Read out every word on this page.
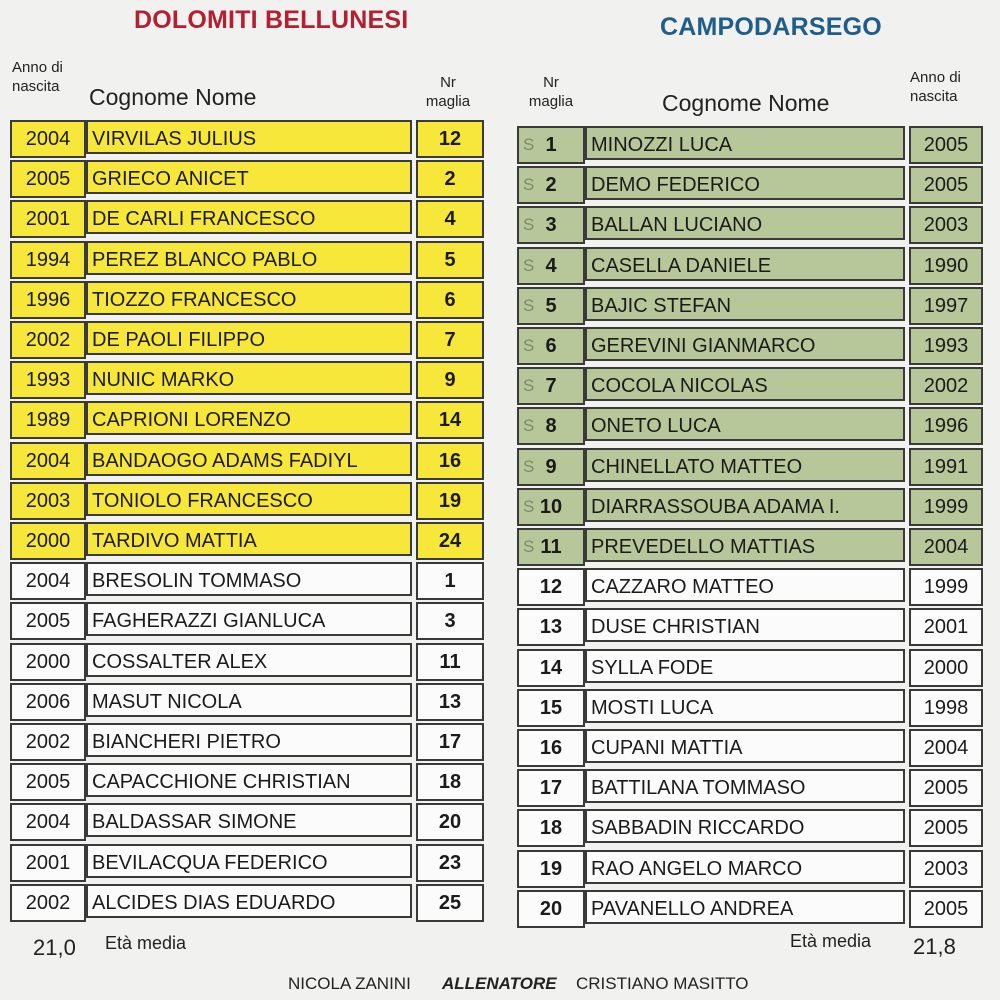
DOLOMITI BELLUNESI	CAMPODARSEGO
Anno di
nascita Cognome Nome
Nr
maglia
Nr
maglia	Cognome Nome
Anno di
nascita
2004	VIRVILAS JULIUS	12
2005	GRIECO ANICET	2
2001	DE CARLI FRANCESCO	4
1994	PEREZ BLANCO PABLO	5
1996	TIOZZO FRANCESCO	6
2002	DE PAOLI FILIPPO	7
1993	NUNIC MARKO	9
1989	CAPRIONI LORENZO	14
2004	BANDAOGO ADAMS FADIYL	16
2003	TONIOLO FRANCESCO	19
2000	TARDIVO MATTIA	24
2004	BRESOLIN TOMMASO	1
2005	FAGHERAZZI GIANLUCA	3
2000	COSSALTER ALEX	11
2006	MASUT NICOLA	13
2002	BIANCHERI PIETRO	17
2005	CAPACCHIONE CHRISTIAN	18
2004	BALDASSAR SIMONE	20
2001	BEVILACQUA FEDERICO	23
2002	ALCIDES DIAS EDUARDO	25
S 1	MINOZZI LUCA	2005
S 2	DEMO FEDERICO	2005
S 3	BALLAN LUCIANO	2003
S 4	CASELLA DANIELE	1990
S 5	BAJIC STEFAN	1997
S 6	GEREVINI GIANMARCO	1993
S 7	COCOLA NICOLAS	2002
S 8	ONETO LUCA	1996
S 9	CHINELLATO MATTEO	1991
S 10	DIARRASSOUBA ADAMA I.	1999
S 11	PREVEDELLO MATTIAS	2004
12	CAZZARO MATTEO	1999
13	DUSE CHRISTIAN	2001
14	SYLLA FODE	2000
15	MOSTI LUCA	1998
16	CUPANI MATTIA	2004
17	BATTILANA TOMMASO	2005
18	SABBADIN RICCARDO	2005
19	RAO ANGELO MARCO	2003
20	PAVANELLO ANDREA	2005
21,0 Età media	Età media 21,8
NICOLA ZANINI ALLENATORE CRISTIANO MASITTO
